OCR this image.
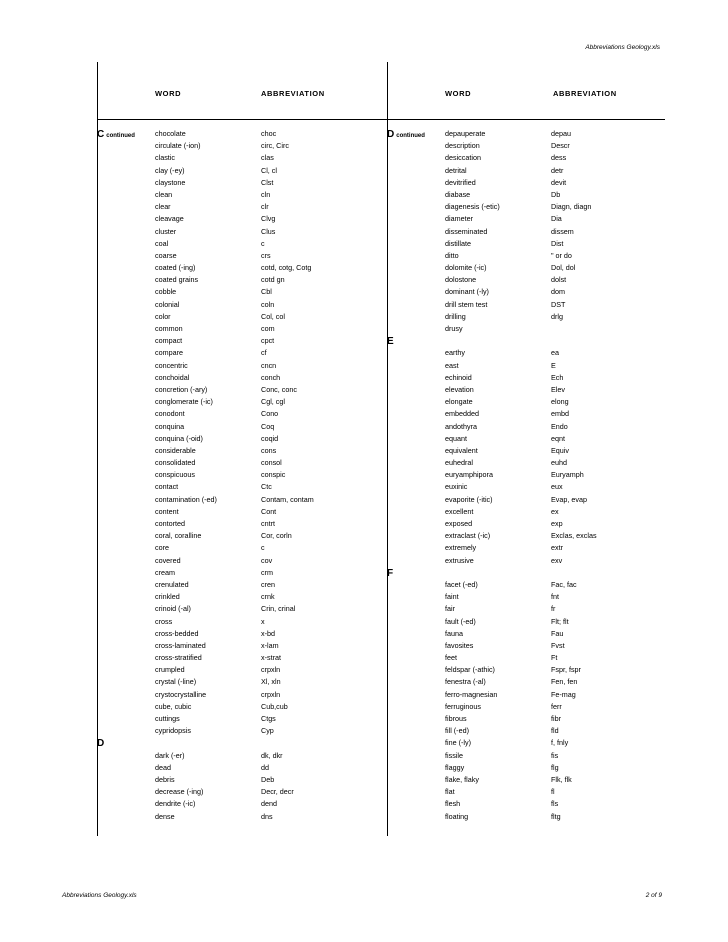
Abbreviations Geology.xls
WORD	ABBREVIATION	WORD	ABBREVIATION
Ccontinued	chocolate	choc
circulate (-ion)	circ, Circ
clastic	clas
clay (-ey)	Cl, cl
claystone	Clst
clean	cln
clear	clr
cleavage	Clvg
cluster	Clus
coal	c
coarse	crs
coated (-ing)	cotd, cotg, Cotg
coated grains	cotd gn
cobble	Cbl
colonial	coln
color	Col, col
common	com
compact	cpct
compare	cf
concentric	cncn
conchoidal	conch
concretion (-ary)	Conc, conc
conglomerate (-ic)	Cgl, cgl
conodont	Cono
conquina	Coq
conquina (-oid)	coqid
considerable	cons
consolidated	consol
conspicuous	conspic
contact	Ctc
contamination (-ed)	Contam, contam
content	Cont
contorted	cntrt
coral, coralline	Cor, corln
core	c
covered	cov
cream	crm
crenulated	cren
crinkled	crnk
crinoid (-al)	Crin, crinal
cross	x
cross-bedded	x-bd
cross-laminated	x-lam
cross-stratified	x-strat
crumpled	crpxln
crystal (-line)	Xl, xln
crystocrystalline	crpxln
cube, cubic	Cub,cub
cuttings	Ctgs
cypridopsis	Cyp
D
dark (-er)	dk, dkr
dead	dd
debris	Deb
decrease (-ing)	Decr, decr
dendrite (-ic)	dend
dense	dns
Dcontinued	depauperate	depau
description	Descr
desiccation	dess
detrital	detr
devitrified	devit
diabase	Db
diagenesis (-etic)	Diagn, diagn
diameter	Dia
disseminated	dissem
distillate	Dist
ditto	" or do
dolomite (-ic)	Dol, dol
dolostone	dolst
dominant (-ly)	dom
drill stem test	DST
drilling	drlg
drusy
E
earthy	ea
east	E
echinoid	Ech
elevation	Elev
elongate	elong
embedded	embd
andothyra	Endo
equant	eqnt
equivalent	Equiv
euhedral	euhd
euryamphipora	Euryamph
euxinic	eux
evaporite (-itic)	Evap, evap
excellent	ex
exposed	exp
extraclast (-ic)	Exclas, exclas
extremely	extr
extrusive	exv
F
facet (-ed)	Fac, fac
faint	fnt
fair	fr
fault (-ed)	Flt; flt
fauna	Fau
favosites	Fvst
feet	Ft
feldspar (-athic)	Fspr, fspr
fenestra (-al)	Fen, fen
ferro-magnesian	Fe-mag
ferruginous	ferr
fibrous	fibr
fill (-ed)	fld
fine (-ly)	f, fnly
fissile	fis
flaggy	flg
flake, flaky	Flk, flk
flat	fl
flesh	fls
floating	fltg
Abbreviations Geology.xls	2 of 9
